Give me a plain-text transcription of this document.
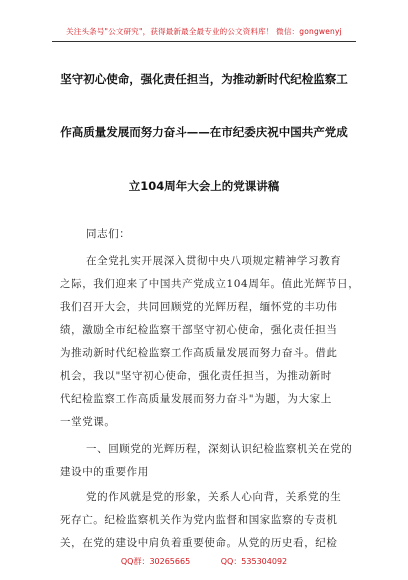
关注头条号"公文研究"，获得最新最全最专业的公文资料库！ 微信：gongwenyj
坚守初心使命，强化责任担当，为推动新时代纪检监察工
作高质量发展而努力奋斗——在市纪委庆祝中国共产党成
立104周年大会上的党课讲稿
同志们：
在全党扎实开展深入贯彻中央八项规定精神学习教育
之际，我们迎来了中国共产党成立104周年。值此光辉节日，
我们召开大会，共同回顾党的光辉历程，缅怀党的丰功伟
绩，激励全市纪检监察干部坚守初心使命，强化责任担当
为推动新时代纪检监察工作高质量发展而努力奋斗。借此
机会，我以"坚守初心使命，强化责任担当，为推动新时
代纪检监察工作高质量发展而努力奋斗"为题，为大家上
一堂党课。
一、回顾党的光辉历程，深刻认识纪检监察机关在党的
建设中的重要作用
党的作风就是党的形象，关系人心向背，关系党的生
死存亡。纪检监察机关作为党内监督和国家监察的专责机
关，在党的建设中肩负着重要使命。从党的历史看，纪检
QQ群：30265665	QQ：535304092
